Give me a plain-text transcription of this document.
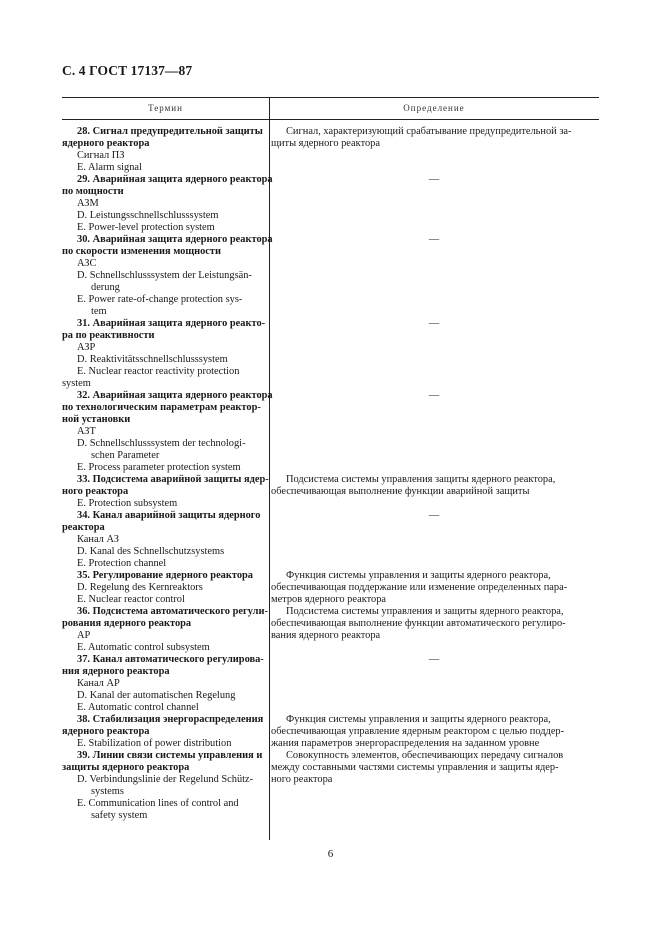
С. 4 ГОСТ 17137—87
Термин	Определение
28. Сигнал предупредительной защиты
ядерного реактора
Сигнал ПЗ
E. Alarm signal
Сигнал, характеризующий срабатывание предупредительной за-
щиты ядерного реактора
29. Аварийная защита ядерного реактора
по мощности
АЗМ
D. Leistungsschnellschlusssystem
E. Power-level protection system
—
30. Аварийная защита ядерного реактора
по скорости изменения мощности
АЗС
D. Schnellschlusssystem der Leistungsän-
derung
E. Power rate-of-change protection sys-
tem
—
31. Аварийная защита ядерного реакто-
ра по реактивности
АЗР
D. Reaktivitätsschnellschlusssystem
E. Nuclear reactor reactivity protection
system
—
32. Аварийная защита ядерного реактора
по технологическим параметрам реактор-
ной установки
АЗТ
D. Schnellschlusssystem der technologi-
schen Parameter
E. Process parameter protection system
—
33. Подсистема аварийной защиты ядер-
ного реактора
E. Protection subsystem
Подсистема системы управления защиты ядерного реактора,
обеспечивающая выполнение функции аварийной защиты
34. Канал аварийной защиты ядерного
реактора
Канал АЗ
D. Kanal des Schnellschutzsystems
E. Protection channel
—
35. Регулирование ядерного реактора
D. Regelung des Kernreaktors
E. Nuclear reactor control
Функция системы управления и защиты ядерного реактора,
обеспечивающая поддержание или изменение определенных пара-
метров ядерного реактора
36. Подсистема автоматического регули-
рования ядерного реактора
АР
E. Automatic control subsystem
Подсистема системы управления и защиты ядерного реактора,
обеспечивающая выполнение функции автоматического регулиро-
вания ядерного реактора
37. Канал автоматического регулирова-
ния ядерного реактора
Канал АР
D. Kanal der automatischen Regelung
E. Automatic control channel
—
38. Стабилизация энергораспределения
ядерного реактора
E. Stabilization of power distribution
Функция системы управления и защиты ядерного реактора,
обеспечивающая управление ядерным реактором с целью поддер-
жания параметров энергораспределения на заданном уровне
39. Линии связи системы управления и
защиты ядерного реактора
D. Verbindungslinie der Regelund Schütz-
systems
E. Communication lines of control and
safety system
Совокупность элементов, обеспечивающих передачу сигналов
между составными частями системы управления и защиты ядер-
ного реактора
6
